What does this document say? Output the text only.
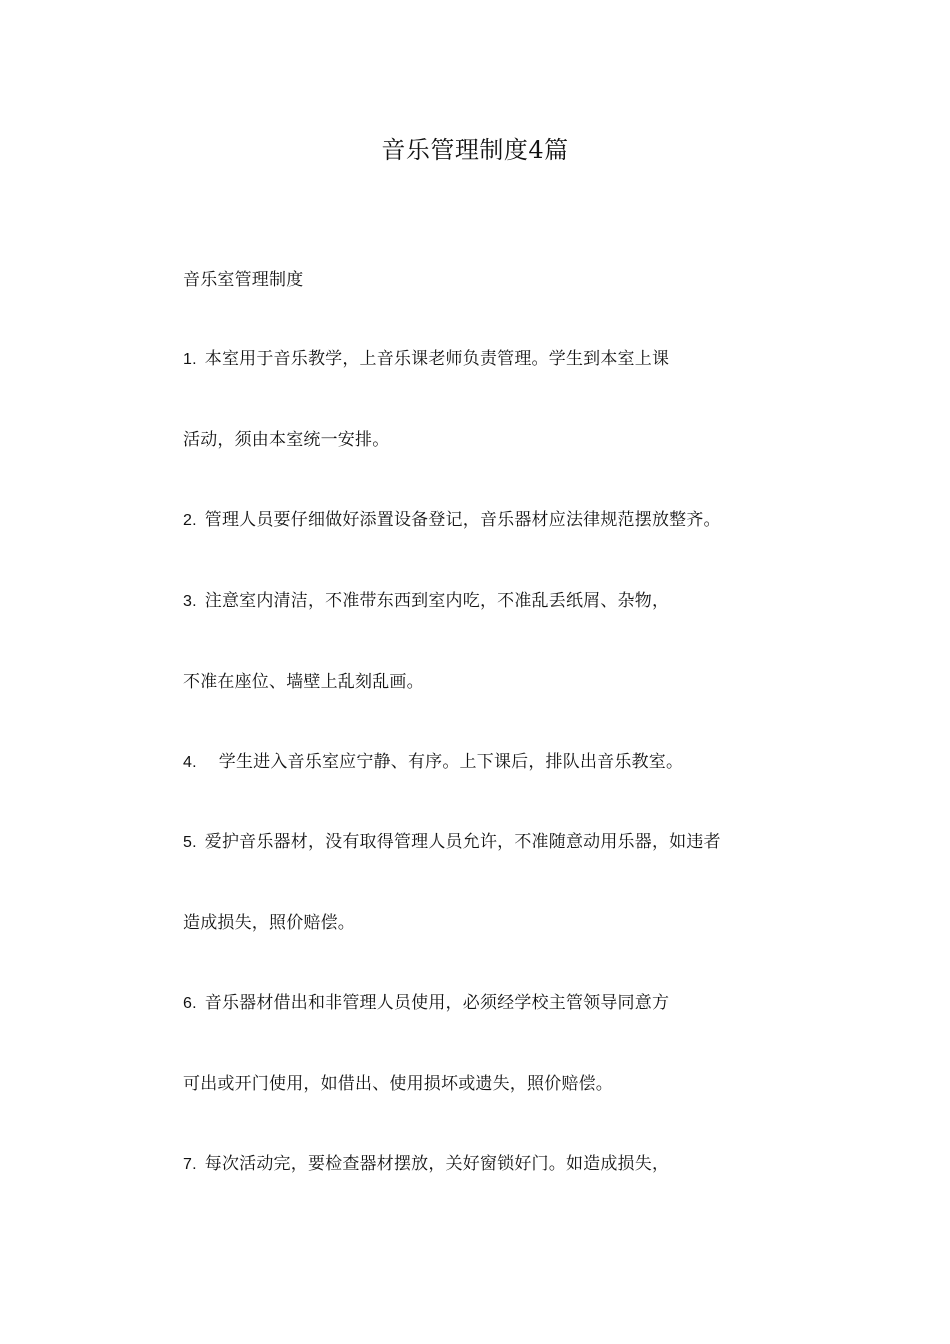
音乐管理制度4篇
音乐室管理制度
1. 本室用于音乐教学，上音乐课老师负责管理。学生到本室上课
活动，须由本室统一安排。
2. 管理人员要仔细做好添置设备登记，音乐器材应法律规范摆放整齐。
3. 注意室内清洁，不准带东西到室内吃，不准乱丢纸屑、杂物，
不准在座位、墙壁上乱刻乱画。
4. 学生进入音乐室应宁静、有序。上下课后，排队出音乐教室。
5. 爱护音乐器材，没有取得管理人员允许，不准随意动用乐器，如违者
造成损失，照价赔偿。
6. 音乐器材借出和非管理人员使用，必须经学校主管领导同意方
可出或开门使用，如借出、使用损坏或遗失，照价赔偿。
7. 每次活动完，要检查器材摆放，关好窗锁好门。如造成损失，
